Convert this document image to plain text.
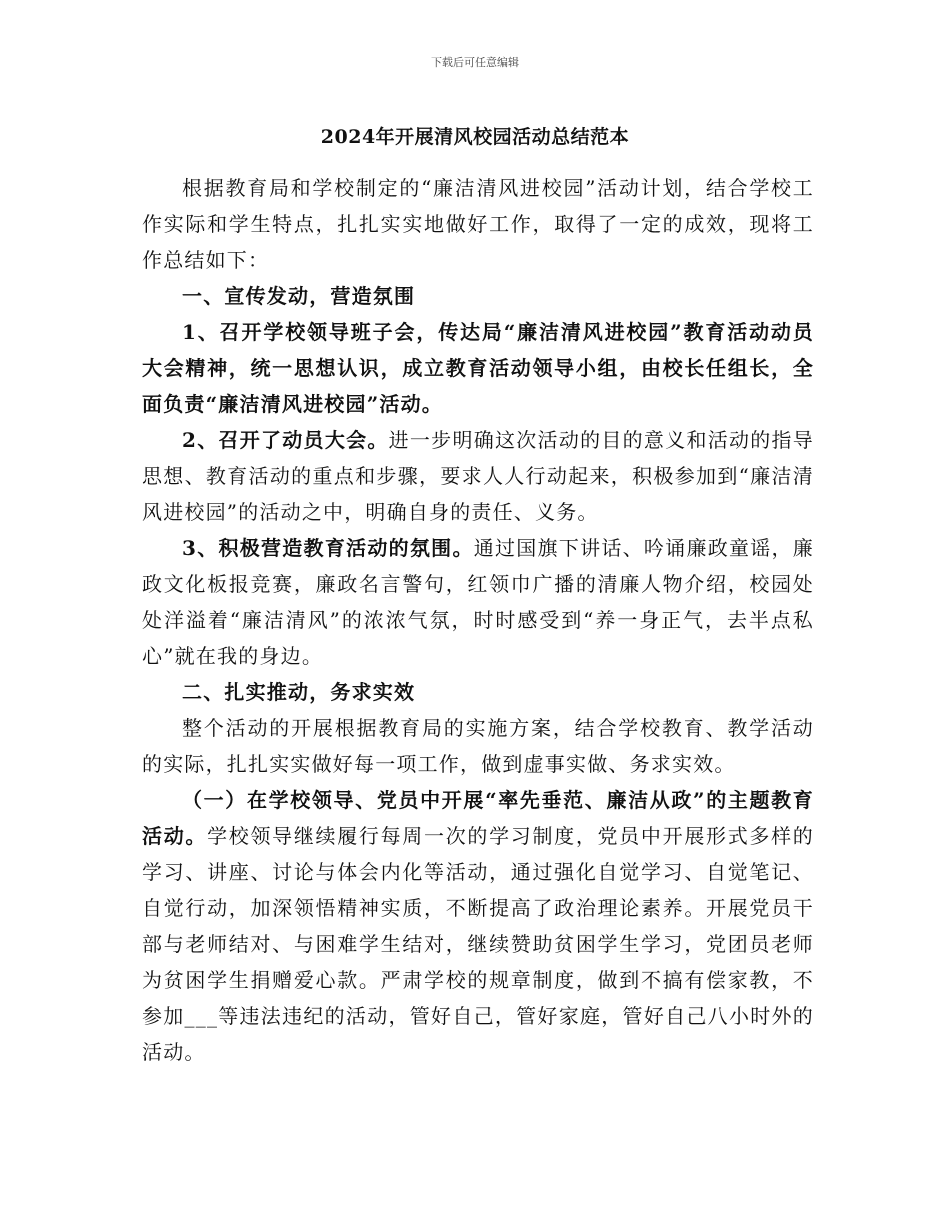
下载后可任意编辑
2024年开展清风校园活动总结范本

根据教育局和学校制定的“廉洁清风进校园”活动计划，结合学校工作实际和学生特点，扎扎实实地做好工作，取得了一定的成效，现将工作总结如下：

一、宣传发动，营造氛围

1、召开学校领导班子会，传达局“廉洁清风进校园”教育活动动员大会精神，统一思想认识，成立教育活动领导小组，由校长任组长，全面负责“廉洁清风进校园”活动。

2、召开了动员大会。进一步明确这次活动的目的意义和活动的指导思想、教育活动的重点和步骤，要求人人行动起来，积极参加到“廉洁清风进校园”的活动之中，明确自身的责任、义务。

3、积极营造教育活动的氛围。通过国旗下讲话、吟诵廉政童谣，廉政文化板报竞赛，廉政名言警句，红领巾广播的清廉人物介绍，校园处处洋溢着“廉洁清风”的浓浓气氛，时时感受到“养一身正气，去半点私心”就在我的身边。

二、扎实推动，务求实效

整个活动的开展根据教育局的实施方案，结合学校教育、教学活动的实际，扎扎实实做好每一项工作，做到虚事实做、务求实效。

（一）在学校领导、党员中开展“率先垂范、廉洁从政”的主题教育活动。学校领导继续履行每周一次的学习制度，党员中开展形式多样的学习、讲座、讨论与体会内化等活动，通过强化自觉学习、自觉笔记、自觉行动，加深领悟精神实质，不断提高了政治理论素养。开展党员干部与老师结对、与困难学生结对，继续赞助贫困学生学习，党团员老师为贫困学生捐赠爱心款。严肃学校的规章制度，做到不搞有偿家教，不参加___等违法违纪的活动，管好自己，管好家庭，管好自己八小时外的活动。
